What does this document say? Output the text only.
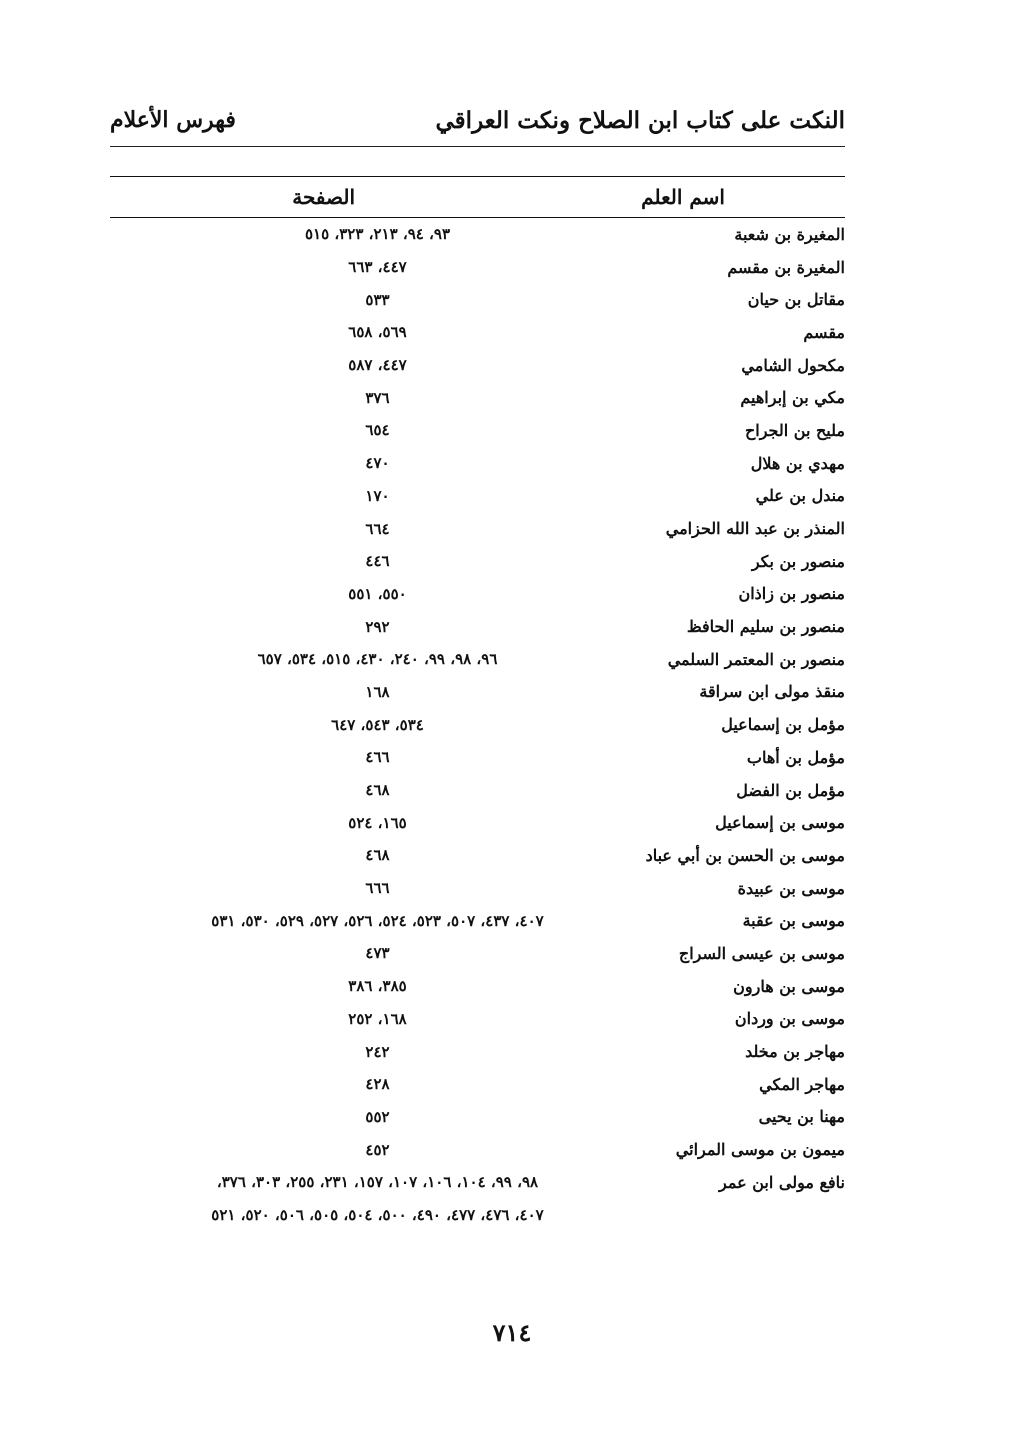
النكت على كتاب ابن الصلاح ونكت العراقي
فهرس الأعلام
اسم العلم
الصفحة
المغيرة بن شعبة
٩٣، ٩٤، ٢١٣، ٣٢٣، ٥١٥
المغيرة بن مقسم
٤٤٧، ٦٦٣
مقاتل بن حيان
٥٣٣
مقسم
٥٦٩، ٦٥٨
مكحول الشامي
٤٤٧، ٥٨٧
مكي بن إبراهيم
٣٧٦
مليح بن الجراح
٦٥٤
مهدي بن هلال
٤٧٠
مندل بن علي
١٧٠
المنذر بن عبد الله الحزامي
٦٦٤
منصور بن بكر
٤٤٦
منصور بن زاذان
٥٥٠، ٥٥١
منصور بن سليم الحافظ
٢٩٢
منصور بن المعتمر السلمي
٩٦، ٩٨، ٩٩، ٢٤٠، ٤٣٠، ٥١٥، ٥٣٤، ٦٥٧
منقذ مولى ابن سراقة
١٦٨
مؤمل بن إسماعيل
٥٣٤، ٥٤٣، ٦٤٧
مؤمل بن أهاب
٤٦٦
مؤمل بن الفضل
٤٦٨
موسى بن إسماعيل
١٦٥، ٥٢٤
موسى بن الحسن بن أبي عباد
٤٦٨
موسى بن عبيدة
٦٦٦
موسى بن عقبة
٤٠٧، ٤٣٧، ٥٠٧، ٥٢٣، ٥٢٤، ٥٢٦، ٥٢٧، ٥٢٩، ٥٣٠، ٥٣١
موسى بن عيسى السراج
٤٧٣
موسى بن هارون
٣٨٥، ٣٨٦
موسى بن وردان
١٦٨، ٢٥٢
مهاجر بن مخلد
٢٤٢
مهاجر المكي
٤٢٨
مهنا بن يحيى
٥٥٢
ميمون بن موسى المرائي
٤٥٢
نافع مولى ابن عمر
٩٨، ٩٩، ١٠٤، ١٠٦، ١٠٧، ١٥٧، ٢٣١، ٢٥٥، ٣٠٣، ٣٧٦،
٤٠٧، ٤٧٦، ٤٧٧، ٤٩٠، ٥٠٠، ٥٠٤، ٥٠٥، ٥٠٦، ٥٢٠، ٥٢١
٧١٤
